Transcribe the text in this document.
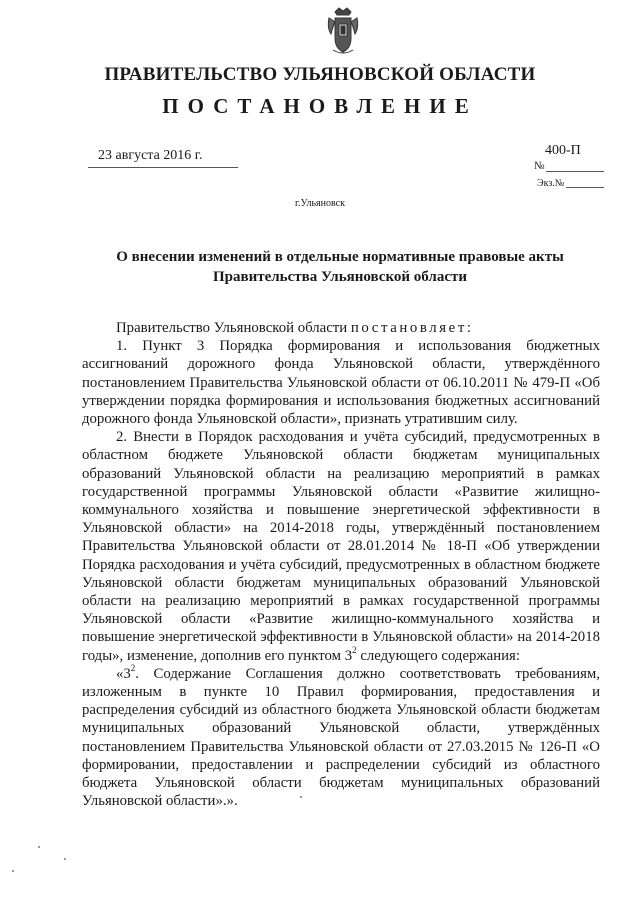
ПРАВИТЕЛЬСТВО УЛЬЯНОВСКОЙ ОБЛАСТИ
ПОСТАНОВЛЕНИЕ
23 августа 2016 г.	400-П
№
Экз.№
г.Ульяновск
О внесении изменений в отдельные нормативные правовые акты
Правительства Ульяновской области

Правительство Ульяновской области постановляет:

1. Пункт 3 Порядка формирования и использования бюджетных ассигнований дорожного фонда Ульяновской области, утверждённого постановлением Правительства Ульяновской области от 06.10.2011 № 479-П «Об утверждении порядка формирования и использования бюджетных ассигнований дорожного фонда Ульяновской области», признать утратившим силу.

2. Внести в Порядок расходования и учёта субсидий, предусмотренных в областном бюджете Ульяновской области бюджетам муниципальных образований Ульяновской области на реализацию мероприятий в рамках государственной программы Ульяновской области «Развитие жилищно-коммунального хозяйства и повышение энергетической эффективности в Ульяновской области» на 2014-2018 годы, утверждённый постановлением Правительства Ульяновской области от 28.01.2014 № 18-П «Об утверждении Порядка расходования и учёта субсидий, предусмотренных в областном бюджете Ульяновской области бюджетам муниципальных образований Ульяновской области на реализацию мероприятий в рамках государственной программы Ульяновской области «Развитие жилищно-коммунального хозяйства и повышение энергетической эффективности в Ульяновской области» на 2014-2018 годы», изменение, дополнив его пунктом $3^2$ следующего содержания:

«$3^2$. Содержание Соглашения должно соответствовать требованиям, изложенным в пункте 10 Правил формирования, предоставления и распределения субсидий из областного бюджета Ульяновской области бюджетам муниципальных образований Ульяновской области, утверждённых постановлением Правительства Ульяновской области от 27.03.2015 № 126-П «О формировании, предоставлении и распределении субсидий из областного бюджета Ульяновской области бюджетам муниципальных образований Ульяновской области».».
